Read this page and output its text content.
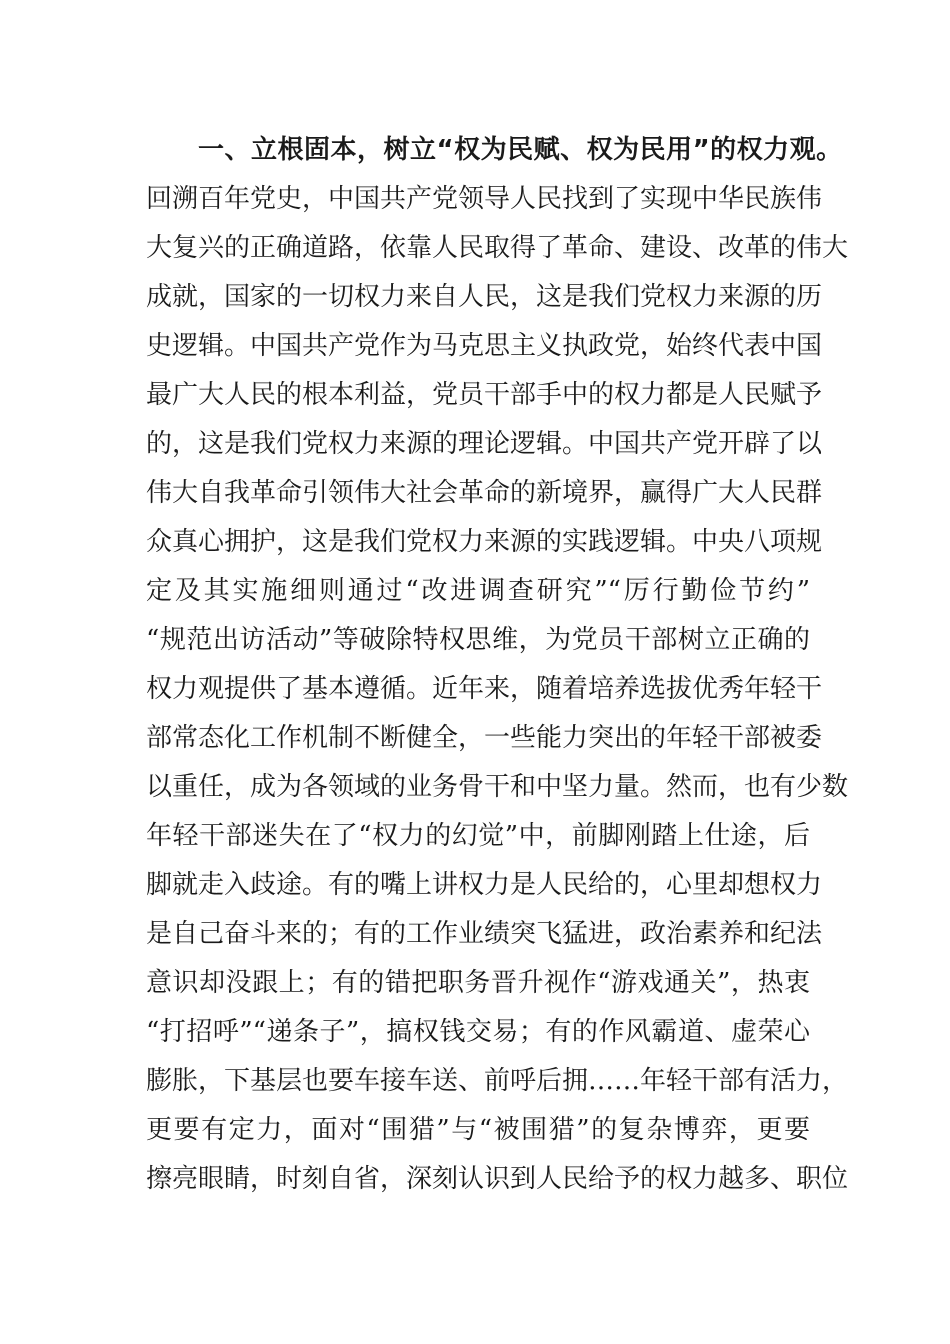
一、立根固本，树立“权为民赋、权为民用”的权力观。
回溯百年党史，中国共产党领导人民找到了实现中华民族伟
大复兴的正确道路，依靠人民取得了革命、建设、改革的伟大
成就，国家的一切权力来自人民，这是我们党权力来源的历
史逻辑。中国共产党作为马克思主义执政党，始终代表中国
最广大人民的根本利益，党员干部手中的权力都是人民赋予
的，这是我们党权力来源的理论逻辑。中国共产党开辟了以
伟大自我革命引领伟大社会革命的新境界，赢得广大人民群
众真心拥护，这是我们党权力来源的实践逻辑。中央八项规
定及其实施细则通过“改进调查研究”“厉行勤俭节约”
“规范出访活动”等破除特权思维，为党员干部树立正确的
权力观提供了基本遵循。近年来，随着培养选拔优秀年轻干
部常态化工作机制不断健全，一些能力突出的年轻干部被委
以重任，成为各领域的业务骨干和中坚力量。然而，也有少数
年轻干部迷失在了“权力的幻觉”中，前脚刚踏上仕途，后
脚就走入歧途。有的嘴上讲权力是人民给的，心里却想权力
是自己奋斗来的；有的工作业绩突飞猛进，政治素养和纪法
意识却没跟上；有的错把职务晋升视作“游戏通关”，热衷
“打招呼”“递条子”，搞权钱交易；有的作风霸道、虚荣心
膨胀，下基层也要车接车送、前呼后拥……年轻干部有活力，
更要有定力，面对“围猎”与“被围猎”的复杂博弈，更要
擦亮眼睛，时刻自省，深刻认识到人民给予的权力越多、职位
